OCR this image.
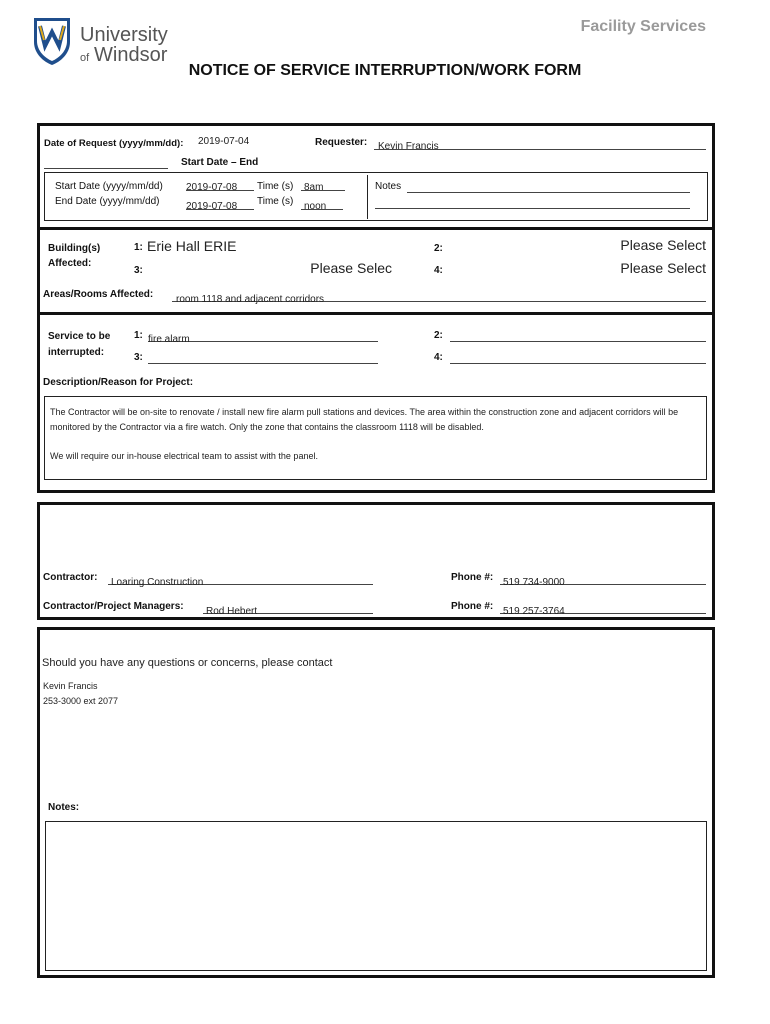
University
of Windsor
Facility Services
NOTICE OF SERVICE INTERRUPTION/WORK FORM
Date of Request (yyyy/mm/dd): 2019-07-04	Requester:	Kevin Francis
Start Date – End
Start Date (yyyy/mm/dd) 2019-07-08	Time (s)	8am
End Date (yyyy/mm/dd)	2019-07-08	Time (s)	noon
Notes
Building(s)
Affected:
1: Erie Hall ERIE	2:	Please Select
3:	Please Selec	4:	Please Select
Areas/Rooms Affected:	room 1118 and adjacent corridors
Service to be
interrupted:
1: fire alarm	2:
3:	4:
Description/Reason for Project:
The Contractor will be on-site to renovate / install new fire alarm pull stations and devices. The area within the construction zone and adjacent corridors will be monitored by the Contractor via a fire watch. Only the zone that contains the classroom 1118 will be disabled.
We will require our in-house electrical team to assist with the panel.
Contractor:	Loaring Construction	Phone #: 519 734-9000
Contractor/Project Managers:	Rod Hebert	Phone #: 519 257-3764
Should you have any questions or concerns, please contact
Kevin Francis
253-3000 ext 2077
Notes:
